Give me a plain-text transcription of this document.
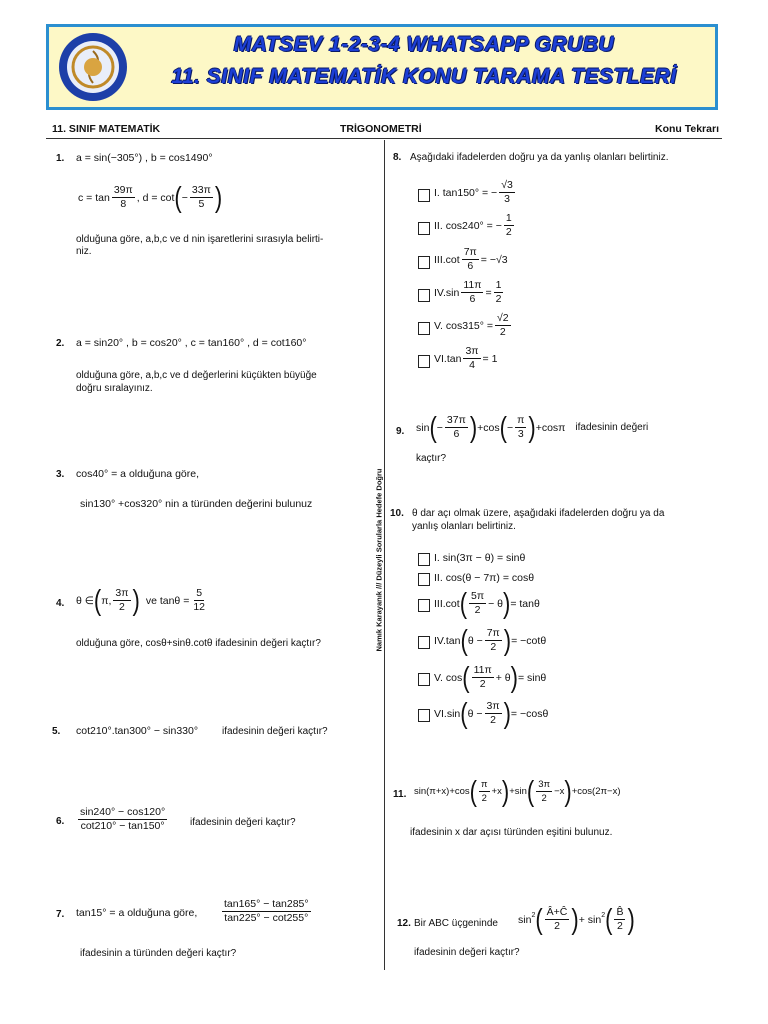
MATSEV 1-2-3-4 WHATSAPP GRUBU
11. SINIF MATEMATİK KONU TARAMA TESTLERİ
11. SINIF MATEMATİK	TRİGONOMETRİ	Konu Tekrarı
Namık Karayanık /// Düzeyli Sorularla Hedefe Doğru
1. a = sin(−305°) , b = cos1490°
$c = \tan \frac{39\pi}{8}$ , d = cot ( − $\frac{33\pi}{5}$ )
olduğuna göre, a,b,c ve d nin işaretlerini sırasıyla belirti-
niz.
2. a = sin20° , b = cos20° , c = tan160° , d = cot160°
olduğuna göre, a,b,c ve d değerlerini küçükten büyüğe
doğru sıralayınız.
3. cos40° = a olduğuna göre,
sin130° +cos320° nin a türünden değerini bulunuz
4. θ ∈ ( π, $\frac{3\pi}{2}$ ) ve $\tan\theta = \frac{5}{12}$
olduğuna göre, cosθ+sinθ.cotθ ifadesinin değeri kaçtır?
5. cot210°.tan300° − sin330° ifadesinin değeri kaçtır?
6. $\frac{\sin 240^\circ - \cos 120^\circ}{\cot 210^\circ - \tan 150^\circ}$ ifadesinin değeri kaçtır?
7. tan15° = a olduğuna göre, $\frac{\tan 165^\circ - \tan 285^\circ}{\tan 225^\circ - \cot 255^\circ}$
ifadesinin a türünden değeri kaçtır?
8. Aşağıdaki ifadelerden doğru ya da yanlış olanları belirtiniz.
I.
tan150° = − $\frac{√3}{3}$
II.
cos240° = − $\frac{1}{2}$
III. $\cot \frac{7\pi}{6} = -√3$
IV. $\sin \frac{11\pi}{6} = \frac{1}{2}$
V.
$\cos 315^\circ = \frac{√2}{2}$
VI. $\tan \frac{3\pi}{4} = 1$
9. sin ( − $\frac{37\pi}{6}$ ) +cos ( − $\frac{\pi}{3}$ ) +cosπ ifadesinin değeri
kaçtır?
10. θ dar açı olmak üzere, aşağıdaki ifadelerden doğru ya da
yanlış olanları belirtiniz.
I.
sin(3π − θ) = sinθ
II.
cos(θ − 7π) = cosθ
III. cot ( $\frac{5\pi}{2} - \theta$ ) = tanθ
IV. tan ( $\theta - \frac{7\pi}{2}$ ) = −cotθ
V.
cos ( $\frac{11\pi}{2} + \theta$ ) = sinθ
VI. sin ( $\theta - \frac{3\pi}{2}$ ) = −cosθ
11. sin(π+x)+cos ( $\frac{\pi}{2} +x$ ) +sin ( $\frac{3\pi}{2} -x$ ) +cos(2π−x)
ifadesinin x dar açısı türünden eşitini bulunuz.
12. Bir ABC üçgeninde $\sin^2$ ( $\frac{Â+Ĉ}{2}$ ) + $\sin^2$ ( $\frac{B̂}{2}$ )
ifadesinin değeri kaçtır?
